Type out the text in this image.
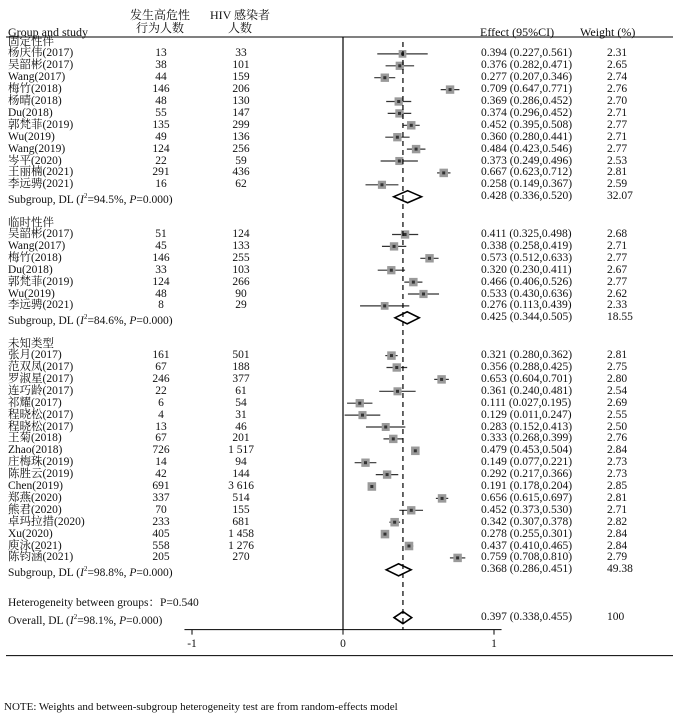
Group and study
发生高危性
行为人数
HIV 感染者
人数	Effect (95%CI) Weight (%)
固定性伴
杨庆伟(2017)	13	33	0.394 (0.227,0.561)	2.31
吴韶彬(2017)	38	101	0.376 (0.282,0.471)	2.65
Wang(2017)	44	159	0.277 (0.207,0.346)	2.74
梅竹(2018)	146	206	0.709 (0.647,0.771)	2.76
杨晴(2018)	48	130	0.369 (0.286,0.452)	2.70
Du(2018)	55	147	0.374 (0.296,0.452)	2.71
郭梵菲(2019)	135	299	0.452 (0.395,0.508)	2.77
Wu(2019)	49	136	0.360 (0.280,0.441)	2.71
Wang(2019)	124	256	0.484 (0.423,0.546)	2.77
岑平(2020)	22	59	0.373 (0.249,0.496)	2.53
王丽楠(2021)	291	436	0.667 (0.623,0.712)	2.81
李远骋(2021)	16	62	0.258 (0.149,0.367)	2.59
Subgroup, DL ($I^2=94.5\%$, P=0.000)	0.428 (0.336,0.520)	32.07
临时性伴
吴韶彬(2017)	51	124	0.411 (0.325,0.498)	2.68
Wang(2017)	45	133	0.338 (0.258,0.419)	2.71
梅竹(2018)	146	255	0.573 (0.512,0.633)	2.77
Du(2018)	33	103	0.320 (0.230,0.411)	2.67
郭梵菲(2019)	124	266	0.466 (0.406,0.526)	2.77
Wu(2019)	48	90	0.533 (0.430,0.636)	2.62
李远骋(2021)	8	29	0.276 (0.113,0.439)	2.33
Subgroup, DL ($I^2=84.6\%$, P=0.000)	0.425 (0.344,0.505)	18.55
未知类型
张月(2017)	161	501	0.321 (0.280,0.362)	2.81
范双凤(2017)	67	188	0.356 (0.288,0.425)	2.75
罗淑星(2017)	246	377	0.653 (0.604,0.701)	2.80
连巧龄(2017)	22	61	0.361 (0.240,0.481)	2.54
祁耀(2017)	6	54	0.111 (0.027,0.195)	2.69
程晓松(2017)	4	31	0.129 (0.011,0.247)	2.55
程晓松(2017)	13	46	0.283 (0.152,0.413)	2.50
王菊(2018)	67	201	0.333 (0.268,0.399)	2.76
Zhao(2018)	726	1 517	0.479 (0.453,0.504)	2.84
庄梅珠(2019)	14	94	0.149 (0.077,0.221)	2.73
陈胜云(2019)	42	144	0.292 (0.217,0.366)	2.73
Chen(2019)	691	3 616	0.191 (0.178,0.204)	2.85
郑燕(2020)	337	514	0.656 (0.615,0.697)	2.81
熊君(2020)	70	155	0.452 (0.373,0.530)	2.71
卓玛拉措(2020)	233	681	0.342 (0.307,0.378)	2.82
Xu(2020)	405	1 458	0.278 (0.255,0.301)	2.84
庾泳(2021)	558	1 276	0.437 (0.410,0.465)	2.84
陈钧涵(2021)	205	270	0.759 (0.708,0.810)	2.79
Subgroup, DL ($I^2=98.8\%$, P=0.000)	0.368 (0.286,0.451)	49.38
Heterogeneity between groups：P=0.540
Overall, DL ($I^2=98.1\%$, P=0.000)	0.397 (0.338,0.455)	100
-1	0	1
NOTE: Weights and between-subgroup heterogeneity test are from random-effects model
